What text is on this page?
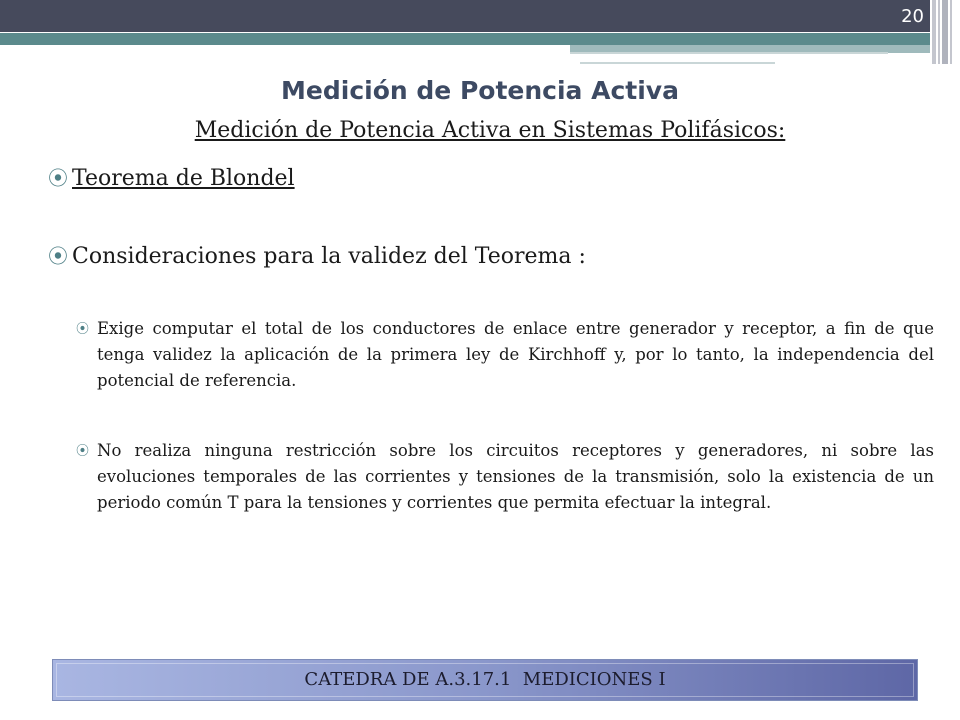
20
Medición de Potencia Activa
Medición de Potencia Activa en Sistemas Polifásicos:
⦿ Teorema de Blondel
⦿ Consideraciones para la validez del Teorema :
⦿ Exige computar el total de los conductores de enlace entre generador y receptor, a fin de que tenga validez la aplicación de la primera ley de Kirchhoff y, por lo tanto, la independencia del potencial de referencia.
⦿ No realiza ninguna restricción sobre los circuitos receptores y generadores, ni sobre las evoluciones temporales de las corrientes y tensiones de la transmisión, solo la existencia de un periodo común T para la tensiones y corrientes que permita efectuar la integral.
CATEDRA DE A.3.17.1  MEDICIONES I
